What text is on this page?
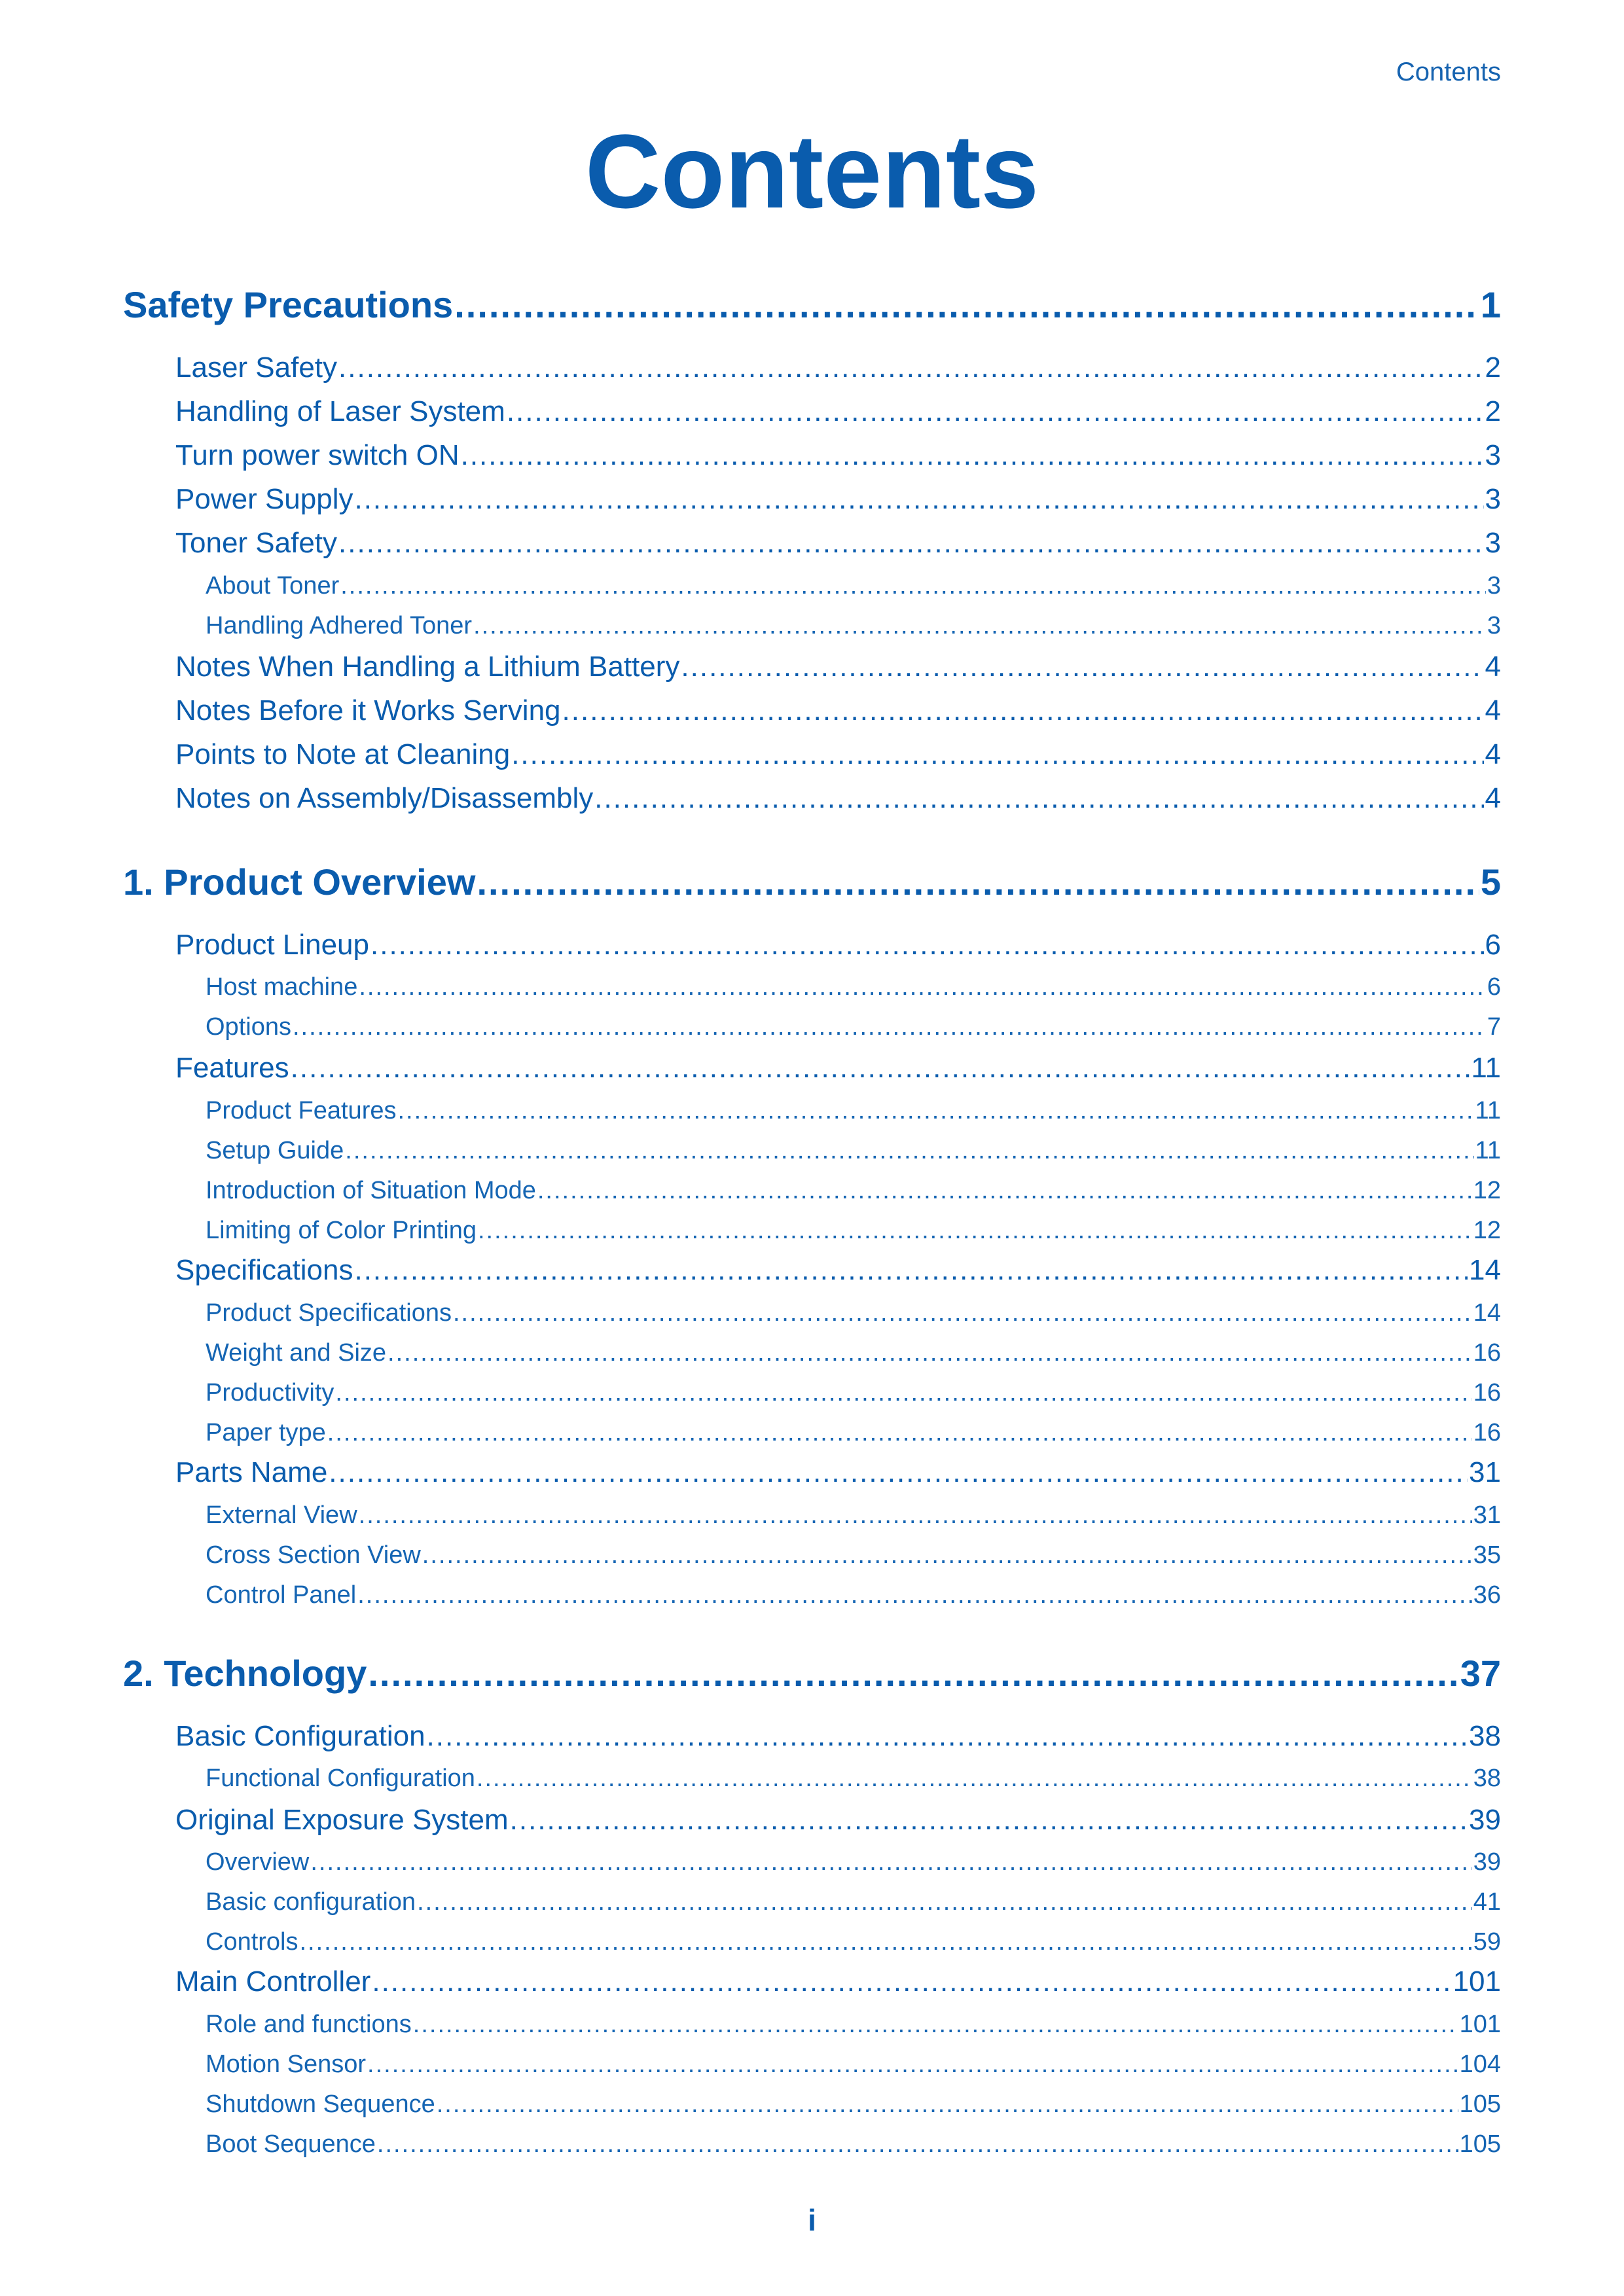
Contents
Contents
Safety Precautions .....	1
Laser Safety .....	2
Handling of Laser System .....	2
Turn power switch ON .....	3
Power Supply .....	3
Toner Safety .....	3
About Toner .....	3
Handling Adhered Toner .....	3
Notes When Handling a Lithium Battery .....	4
Notes Before it Works Serving .....	4
Points to Note at Cleaning .....	4
Notes on Assembly/Disassembly .....	4
1. Product Overview .....	5
Product Lineup .....	6
Host machine .....	6
Options .....	7
Features .....	11
Product Features .....	11
Setup Guide .....	11
Introduction of Situation Mode .....	12
Limiting of Color Printing .....	12
Specifications .....	14
Product Specifications .....	14
Weight and Size .....	16
Productivity .....	16
Paper type .....	16
Parts Name .....	31
External View .....	31
Cross Section View .....	35
Control Panel .....	36
2. Technology .....	37
Basic Configuration .....	38
Functional Configuration .....	38
Original Exposure System .....	39
Overview .....	39
Basic configuration .....	41
Controls .....	59
Main Controller .....	101
Role and functions .....	101
Motion Sensor .....	104
Shutdown Sequence .....	105
Boot Sequence .....	105
i
